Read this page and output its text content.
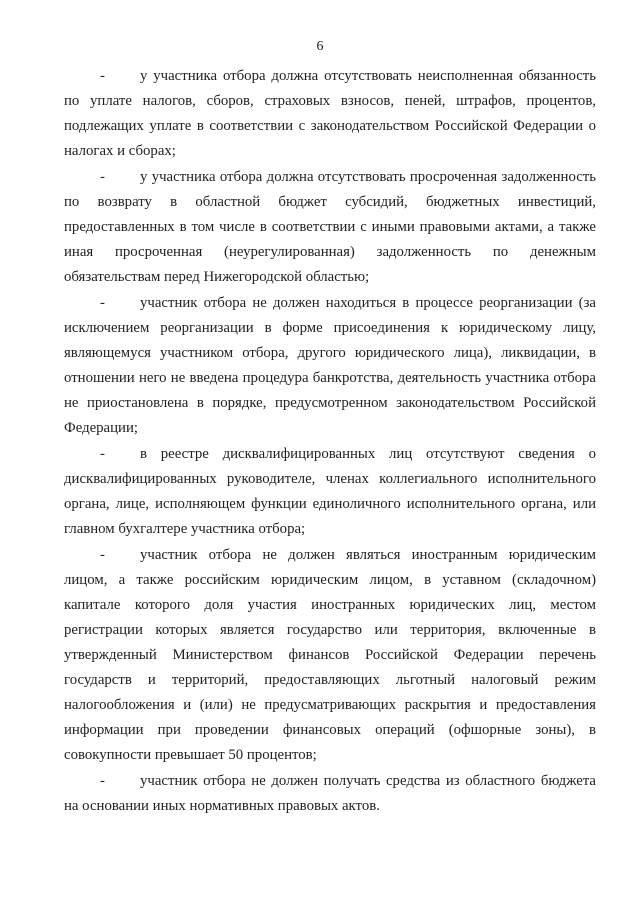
6

- у участника отбора должна отсутствовать неисполненная обязанность по уплате налогов, сборов, страховых взносов, пеней, штрафов, процентов, подлежащих уплате в соответствии с законодательством Российской Федерации о налогах и сборах;

- у участника отбора должна отсутствовать просроченная задолженность по возврату в областной бюджет субсидий, бюджетных инвестиций, предоставленных в том числе в соответствии с иными правовыми актами, а также иная просроченная (неурегулированная) задолженность по денежным обязательствам перед Нижегородской областью;

- участник отбора не должен находиться в процессе реорганизации (за исключением реорганизации в форме присоединения к юридическому лицу, являющемуся участником отбора, другого юридического лица), ликвидации, в отношении него не введена процедура банкротства, деятельность участника отбора не приостановлена в порядке, предусмотренном законодательством Российской Федерации;

- в реестре дисквалифицированных лиц отсутствуют сведения о дисквалифицированных руководителе, членах коллегиального исполнительного органа, лице, исполняющем функции единоличного исполнительного органа, или главном бухгалтере участника отбора;

- участник отбора не должен являться иностранным юридическим лицом, а также российским юридическим лицом, в уставном (складочном) капитале которого доля участия иностранных юридических лиц, местом регистрации которых является государство или территория, включенные в утвержденный Министерством финансов Российской Федерации перечень государств и территорий, предоставляющих льготный налоговый режим налогообложения и (или) не предусматривающих раскрытия и предоставления информации при проведении финансовых операций (офшорные зоны), в совокупности превышает 50 процентов;

- участник отбора не должен получать средства из областного бюджета на основании иных нормативных правовых актов.
